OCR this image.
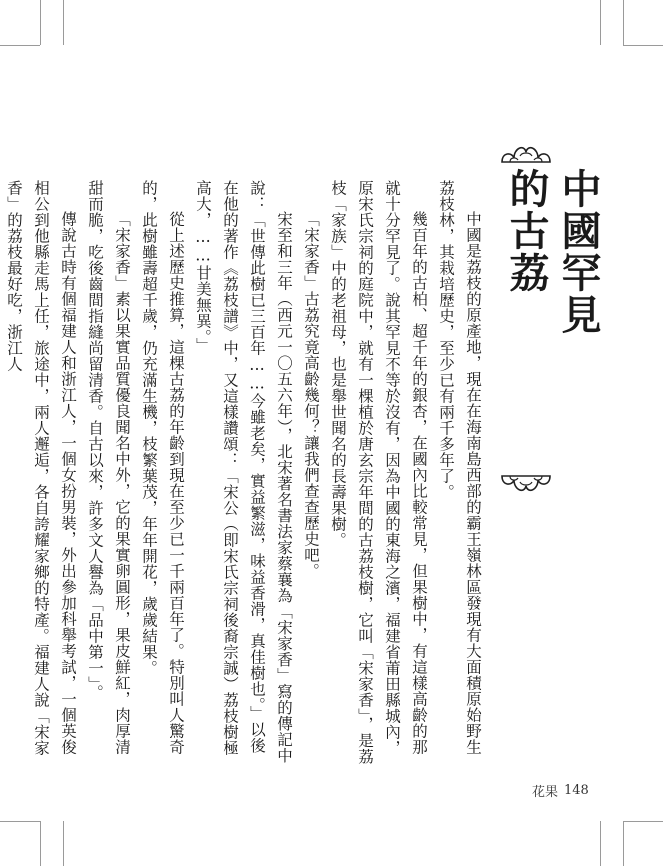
中國罕見的古荔

中國是荔枝的原產地，現在在海南島西部的霸王嶺林區發現有大面積原始野生荔枝林，其栽培歷史，至少已有兩千多年了。

幾百年的古柏、超千年的銀杏，在國內比較常見，但果樹中，有這樣高齡的那就十分罕見了。說其罕見不等於沒有，因為中國的東海之濱，福建省莆田縣城內，原宋氏宗祠的庭院中，就有一棵植於唐玄宗年間的古荔枝樹，它叫「宋家香」，是荔枝「家族」中的老祖母，也是舉世聞名的長壽果樹。

「宋家香」古荔究竟高齡幾何？讓我們查查歷史吧。

宋至和三年（西元一〇五六年），北宋著名書法家蔡襄為「宋家香」寫的傳記中說：「世傳此樹已三百年……今雖老矣，實益繁滋，味益香滑，真佳樹也。」以後在他的著作《荔枝譜》中，又這樣讚頌：「宋公（即宋氏宗祠後裔宗誠）荔枝樹極高大，……甘美無異。」

從上述歷史推算，這棵古荔的年齡到現在至少已一千兩百年了。特別叫人驚奇的，此樹雖壽超千歲，仍充滿生機，枝繁葉茂，年年開花，歲歲結果。

「宋家香」素以果實品質優良聞名中外，它的果實卵圓形，果皮鮮紅，肉厚清甜而脆，吃後齒間指縫尚留清香。自古以來，許多文人譽為「品中第一」。

傳說古時有個福建人和浙江人，一個女扮男裝，外出參加科舉考試，一個英俊相公到他縣走馬上任，旅途中，兩人邂逅，各自誇耀家鄉的特產。福建人說「宋家香」的荔枝最好吃，浙江人

花果 148
